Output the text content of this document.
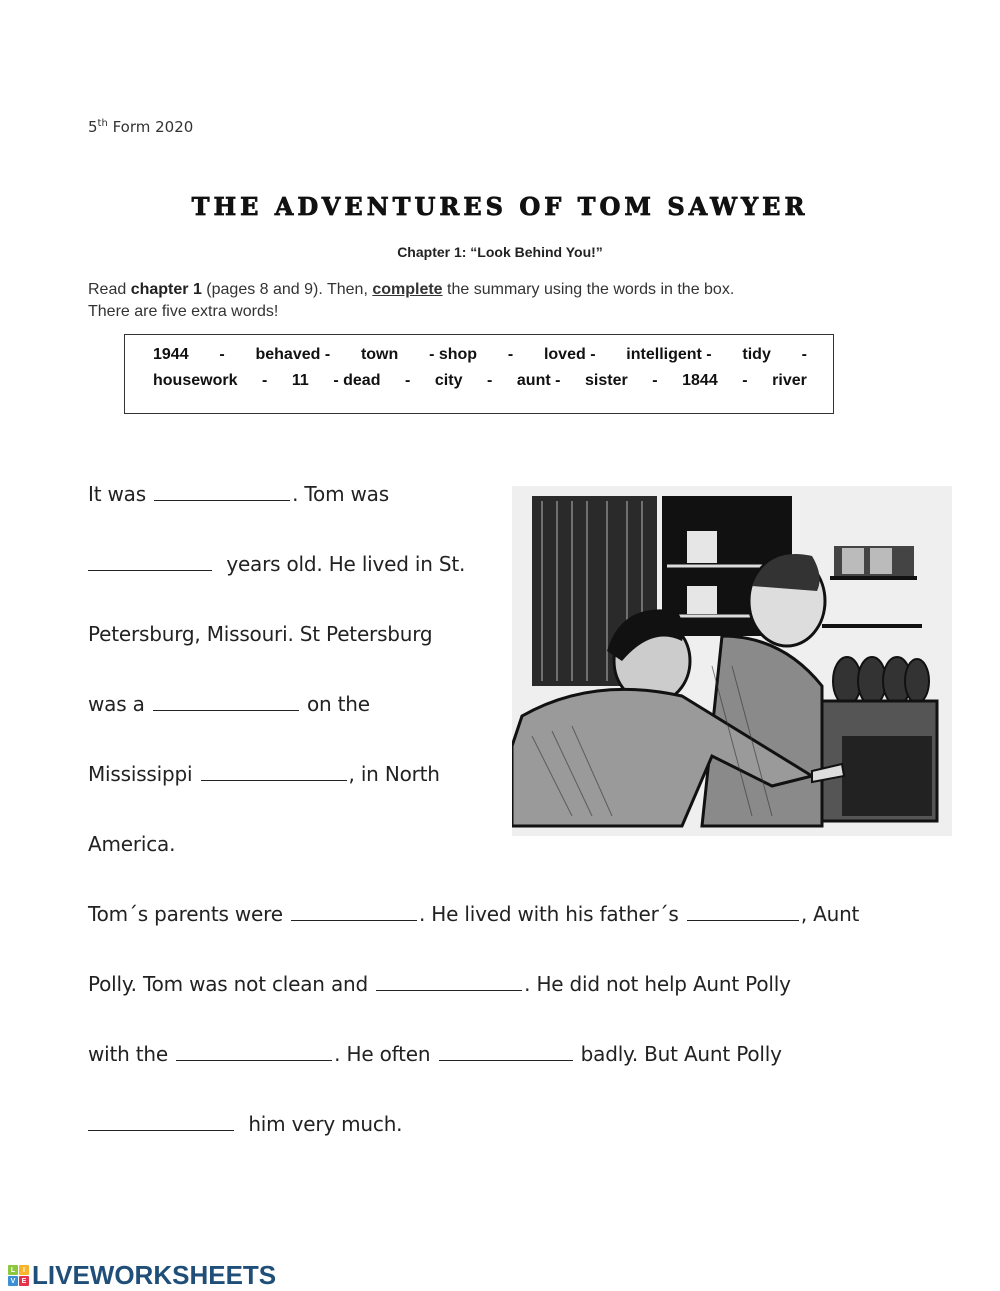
5th Form 2020
THE ADVENTURES OF TOM SAWYER
Chapter 1: “Look Behind You!”
Read chapter 1 (pages 8 and 9). Then, complete the summary using the words in the box.
There are five extra words!
1944 - behaved - town - shop - loved - intelligent - tidy -
housework - 11 - dead - city - aunt - sister - 1844 - river
It was	. Tom was
years old. He lived in St.
Petersburg, Missouri. St Petersburg
was a	on the
Mississippi	, in North
America.
Tom´s parents were	. He lived with his father´s	, Aunt
Polly. Tom was not clean and	. He did not help Aunt Polly
with the	. He often	badly. But Aunt Polly
him very much.
L	I
V E LIVEWORKSHEETS
